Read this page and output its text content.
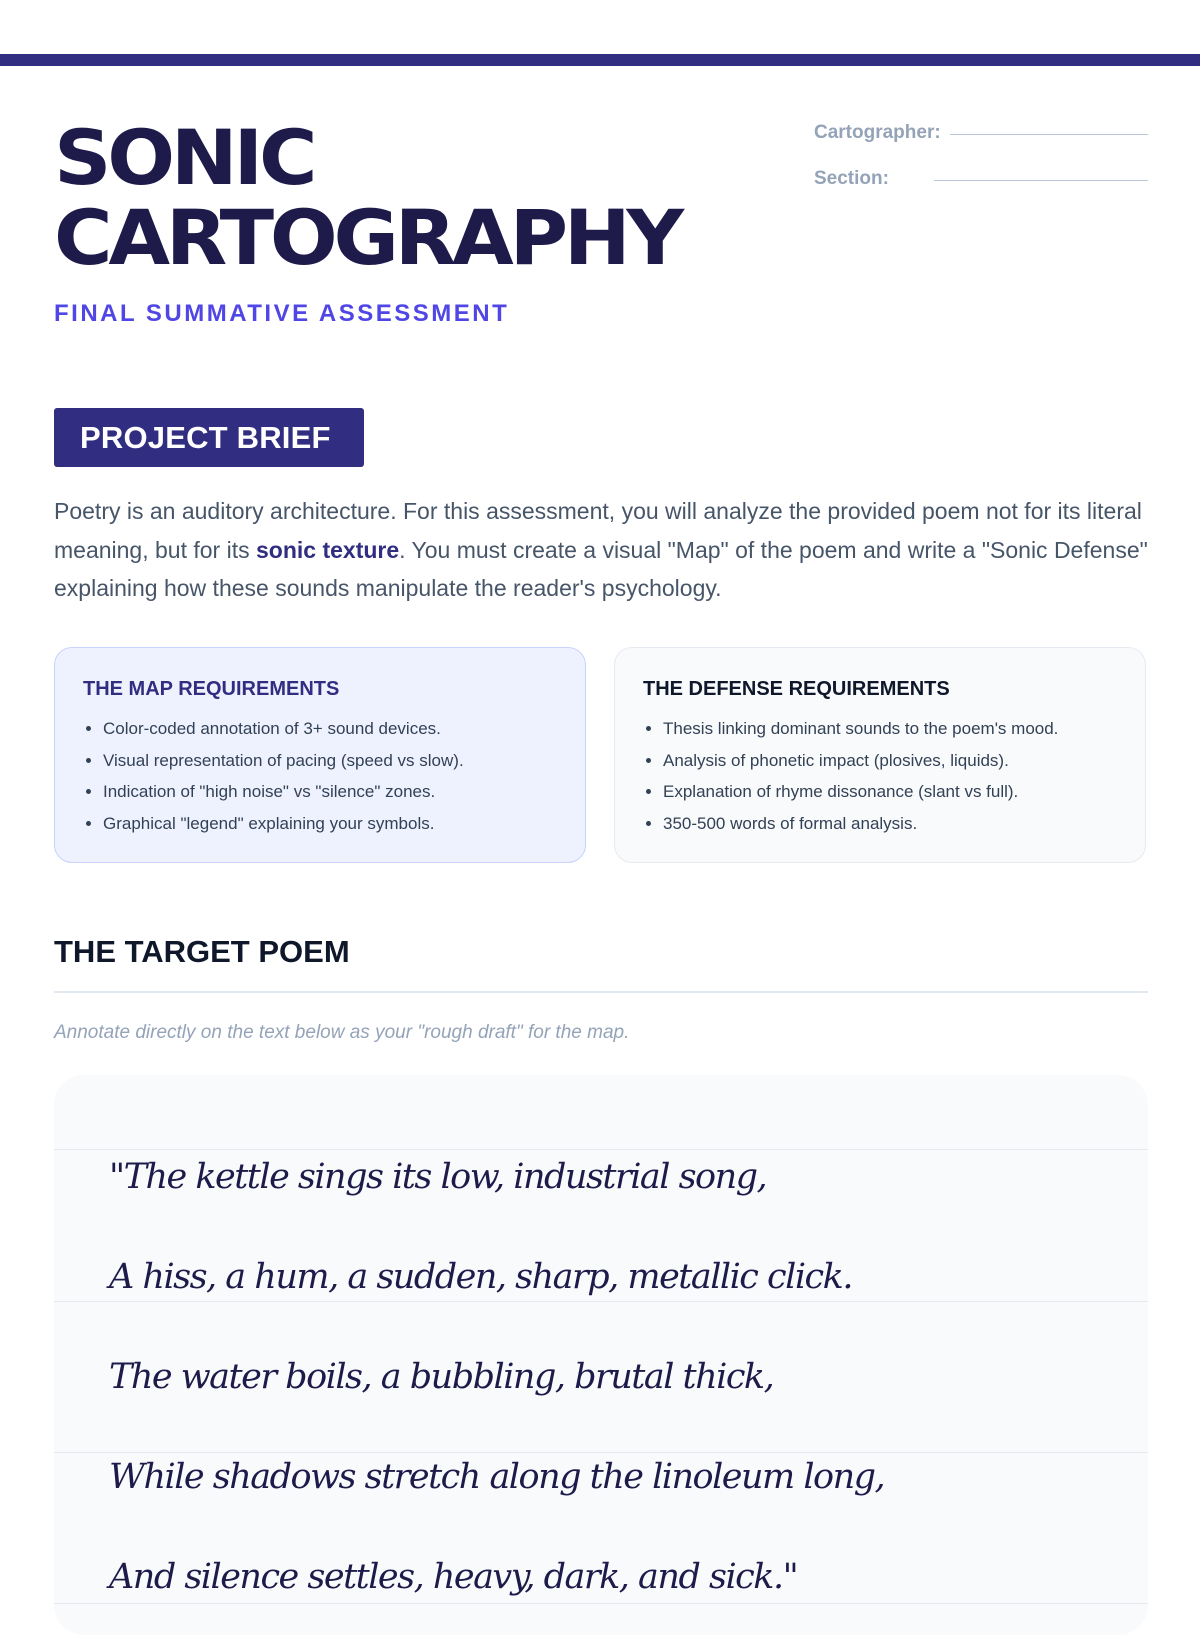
SONIC
CARTOGRAPHY
FINAL SUMMATIVE ASSESSMENT
Cartographer:
Section:
PROJECT BRIEF

Poetry is an auditory architecture. For this assessment, you will analyze the provided poem not for its literal meaning, but for its sonic texture. You must create a visual "Map" of the poem and write a "Sonic Defense" explaining how these sounds manipulate the reader's psychology.

THE MAP REQUIREMENTS
• Color-coded annotation of 3+ sound devices.
• Visual representation of pacing (speed vs slow).
• Indication of "high noise" vs "silence" zones.
• Graphical "legend" explaining your symbols.
THE DEFENSE REQUIREMENTS
• Thesis linking dominant sounds to the poem's mood.
• Analysis of phonetic impact (plosives, liquids).
• Explanation of rhyme dissonance (slant vs full).
• 350-500 words of formal analysis.
THE TARGET POEM
Annotate directly on the text below as your "rough draft" for the map.
"The kettle sings its low, industrial song,
A hiss, a hum, a sudden, sharp, metallic click.
The water boils, a bubbling, brutal thick,
While shadows stretch along the linoleum long,
And silence settles, heavy, dark, and sick."
